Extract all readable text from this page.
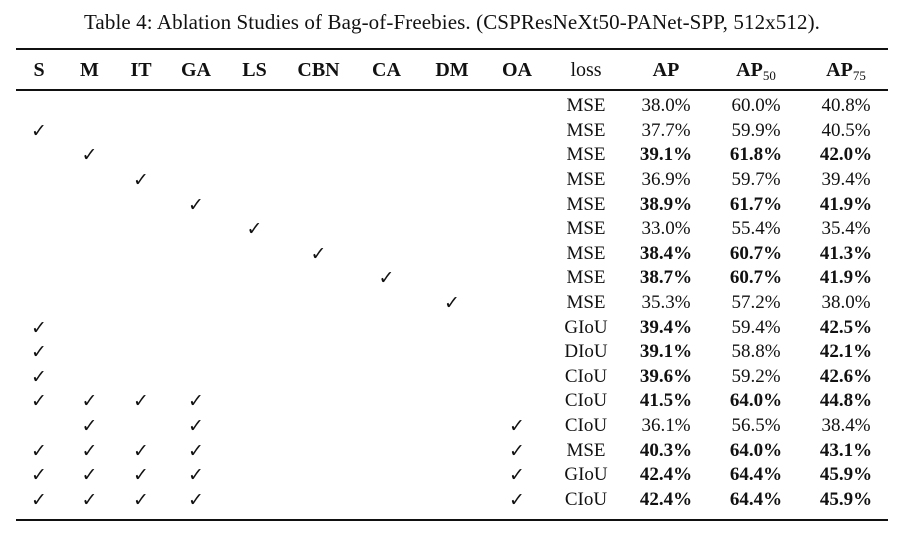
Table 4: Ablation Studies of Bag-of-Freebies. (CSPResNeXt50-PANet-SPP, 512x512).
S	M	IT	GA	LS	CBN	CA	DM	OA	loss	AP	$AP_{50}$	$AP_{75}$
									MSE	38.0%	60.0%	40.8%
✓									MSE	37.7%	59.9%	40.5%
	✓								MSE	39.1%	61.8%	42.0%
		✓							MSE	36.9%	59.7%	39.4%
			✓						MSE	38.9%	61.7%	41.9%
				✓					MSE	33.0%	55.4%	35.4%
					✓				MSE	38.4%	60.7%	41.3%
						✓			MSE	38.7%	60.7%	41.9%
							✓		MSE	35.3%	57.2%	38.0%
✓									GIoU	39.4%	59.4%	42.5%
✓									DIoU	39.1%	58.8%	42.1%
✓									CIoU	39.6%	59.2%	42.6%
✓	✓	✓	✓						CIoU	41.5%	64.0%	44.8%
	✓		✓					✓	CIoU	36.1%	56.5%	38.4%
✓	✓	✓	✓					✓	MSE	40.3%	64.0%	43.1%
✓	✓	✓	✓					✓	GIoU	42.4%	64.4%	45.9%
✓	✓	✓	✓					✓	CIoU	42.4%	64.4%	45.9%
